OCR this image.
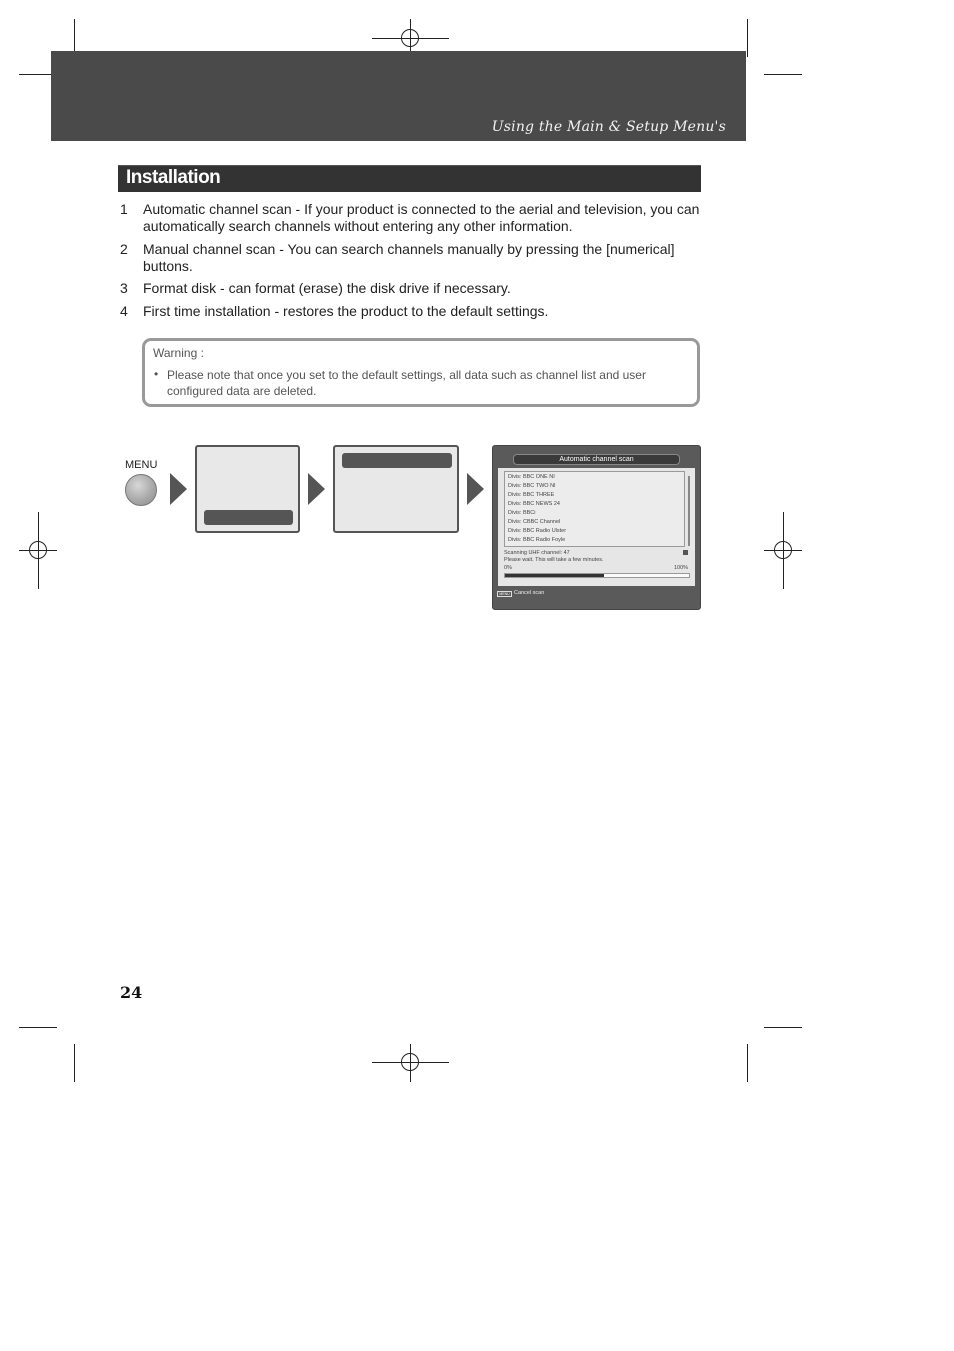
Using the Main & Setup Menu's
Installation
1 Automatic channel scan - If your product is connected to the aerial and television, you can automatically search channels without entering any other information.
2 Manual channel scan - You can search channels manually by pressing the [numerical] buttons.
3 Format disk - can format (erase) the disk drive if necessary.
4 First time installation - restores the product to the default settings.
Warning :
• Please note that once you set to the default settings, all data such as channel list and user configured data are deleted.
MENU	Automatic channel scan
Divis: BBC ONE NI
Divis: BBC TWO NI
Divis: BBC THREE
Divis: BBC NEWS 24
Divis: BBCi
Divis: CBBC Channel
Divis: BBC Radio Ulster
Divis: BBC Radio Foyle
Scanning UHF channel: 47
Please wait. This will take a few minutes.
0%	100%
MENU Cancel scan
24
